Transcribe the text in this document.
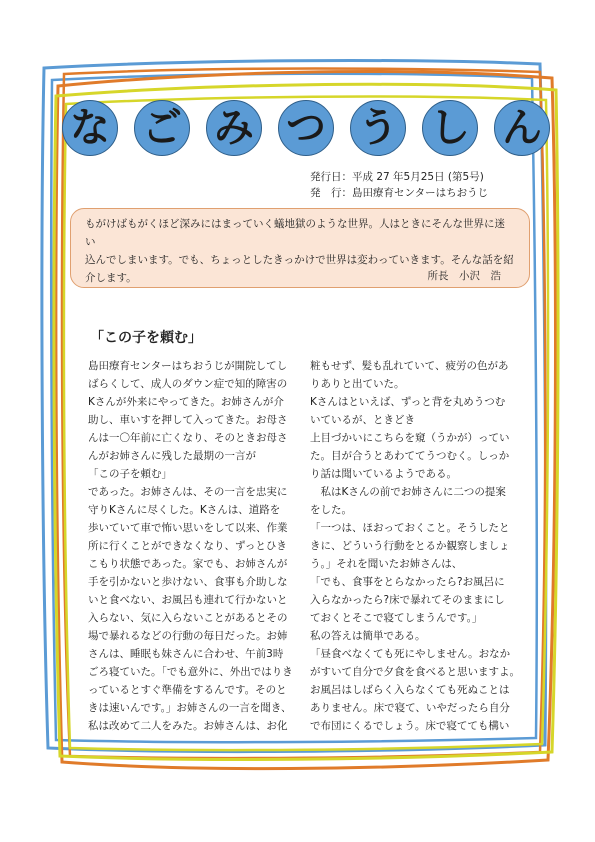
な ご み つ う し ん
発行日：平成 27 年5月25日 (第5号)
発　行：島田療育センターはちおうじ
もがけばもがくほど深みにはまっていく蟻地獄のような世界。人はときにそんな世界に迷い
込んでしまいます。でも、ちょっとしたきっかけで世界は変わっていきます。そんな話を紹
介します。	所長　小沢　浩
「この子を頼む」

島田療育センターはちおうじが開院してし

ばらくして、成人のダウン症で知的障害の

Kさんが外来にやってきた。お姉さんが介

助し、車いすを押して入ってきた。お母さ

んは一〇年前に亡くなり、そのときお母さ

んがお姉さんに残した最期の一言が

「この子を頼む」

であった。お姉さんは、その一言を忠実に

守りKさんに尽くした。Kさんは、道路を

歩いていて車で怖い思いをして以来、作業

所に行くことができなくなり、ずっとひき

こもり状態であった。家でも、お姉さんが

手を引かないと歩けない、食事も介助しな

いと食べない、お風呂も連れて行かないと

入らない、気に入らないことがあるとその

場で暴れるなどの行動の毎日だった。お姉

さんは、睡眠も妹さんに合わせ、午前3時

ごろ寝ていた。「でも意外に、外出ではりき

っているとすぐ準備をするんです。そのと

きは速いんです。」お姉さんの一言を聞き、

私は改めて二人をみた。お姉さんは、お化

粧もせず、髪も乱れていて、疲労の色があ

りありと出ていた。

Kさんはといえば、ずっと背を丸めうつむ

いているが、ときどき

上目づかいにこちらを窺（うかが）ってい

た。目が合うとあわててうつむく。しっか

り話は聞いているようである。

　私はKさんの前でお姉さんに二つの提案

をした。

「一つは、ほおっておくこと。そうしたと

きに、どういう行動をとるか観察しましょ

う。」それを聞いたお姉さんは、

「でも、食事をとらなかったら?お風呂に

入らなかったら?床で暴れてそのままにし

ておくとそこで寝てしまうんです。」

私の答えは簡単である。

「昼食べなくても死にやしません。おなか

がすいて自分で夕食を食べると思いますよ。

お風呂はしばらく入らなくても死ぬことは

ありません。床で寝て、いやだったら自分

で布団にくるでしょう。床で寝てても構い
